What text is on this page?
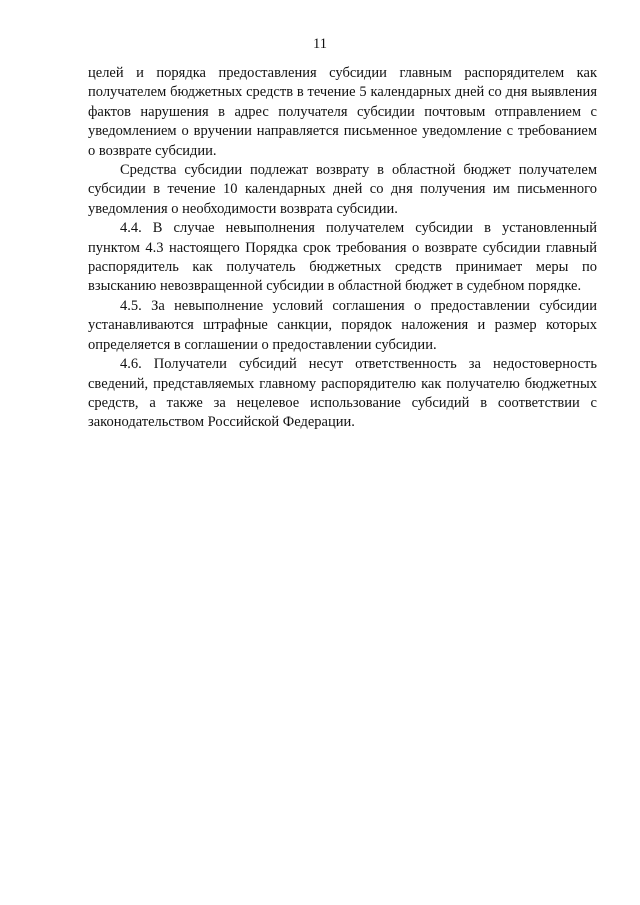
11

целей и порядка предоставления субсидии главным распорядителем как получателем бюджетных средств в течение 5 календарных дней со дня выявления фактов нарушения в адрес получателя субсидии почтовым отправлением с уведомлением о вручении направляется письменное уведомление с требованием о возврате субсидии.

Средства субсидии подлежат возврату в областной бюджет получателем субсидии в течение 10 календарных дней со дня получения им письменного уведомления о необходимости возврата субсидии.

4.4. В случае невыполнения получателем субсидии в установленный пунктом 4.3 настоящего Порядка срок требования о возврате субсидии главный распорядитель как получатель бюджетных средств принимает меры по взысканию невозвращенной субсидии в областной бюджет в судебном порядке.

4.5. За невыполнение условий соглашения о предоставлении субсидии устанавливаются штрафные санкции, порядок наложения и размер которых определяется в соглашении о предоставлении субсидии.

4.6. Получатели субсидий несут ответственность за недостоверность сведений, представляемых главному распорядителю как получателю бюджетных средств, а также за нецелевое использование субсидий в соответствии с законодательством Российской Федерации.
